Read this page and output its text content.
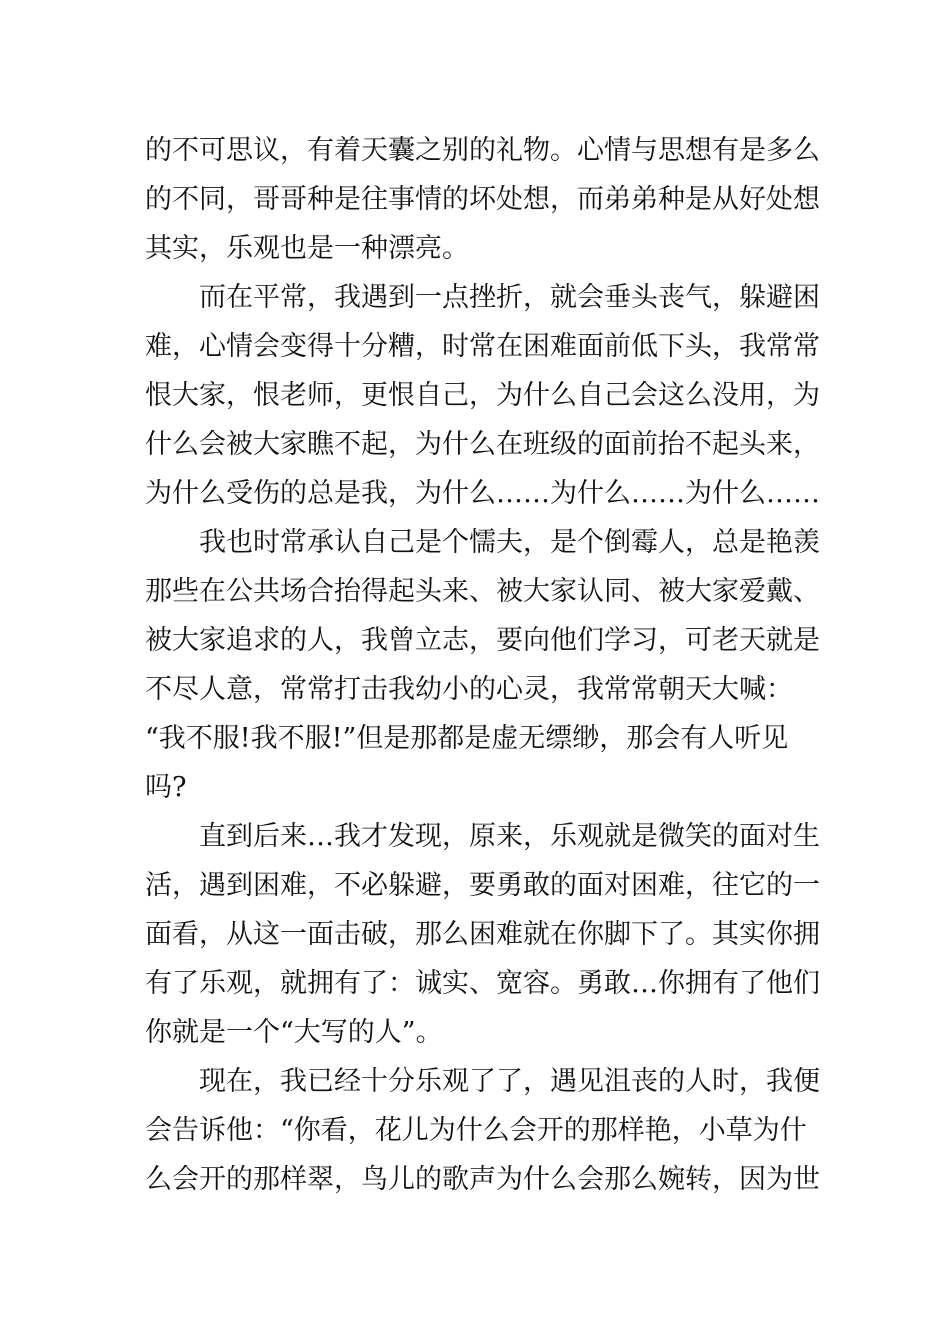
的不可思议，有着天囊之别的礼物。心情与思想有是多么
的不同，哥哥种是往事情的坏处想，而弟弟种是从好处想
其实，乐观也是一种漂亮。
而在平常，我遇到一点挫折，就会垂头丧气，躲避困
难，心情会变得十分糟，时常在困难面前低下头，我常常
恨大家，恨老师，更恨自己，为什么自己会这么没用，为
什么会被大家瞧不起，为什么在班级的面前抬不起头来，
为什么受伤的总是我，为什么……为什么……为什么……
我也时常承认自己是个懦夫，是个倒霉人，总是艳羡
那些在公共场合抬得起头来、被大家认同、被大家爱戴、
被大家追求的人，我曾立志，要向他们学习，可老天就是
不尽人意，常常打击我幼小的心灵，我常常朝天大喊：
“我不服!我不服!”但是那都是虚无缥缈，那会有人听见
吗?
直到后来…我才发现，原来，乐观就是微笑的面对生
活，遇到困难，不必躲避，要勇敢的面对困难，往它的一
面看，从这一面击破，那么困难就在你脚下了。其实你拥
有了乐观，就拥有了：诚实、宽容。勇敢…你拥有了他们
你就是一个“大写的人”。
现在，我已经十分乐观了了，遇见沮丧的人时，我便
会告诉他：“你看，花儿为什么会开的那样艳，小草为什
么会开的那样翠，鸟儿的歌声为什么会那么婉转，因为世
